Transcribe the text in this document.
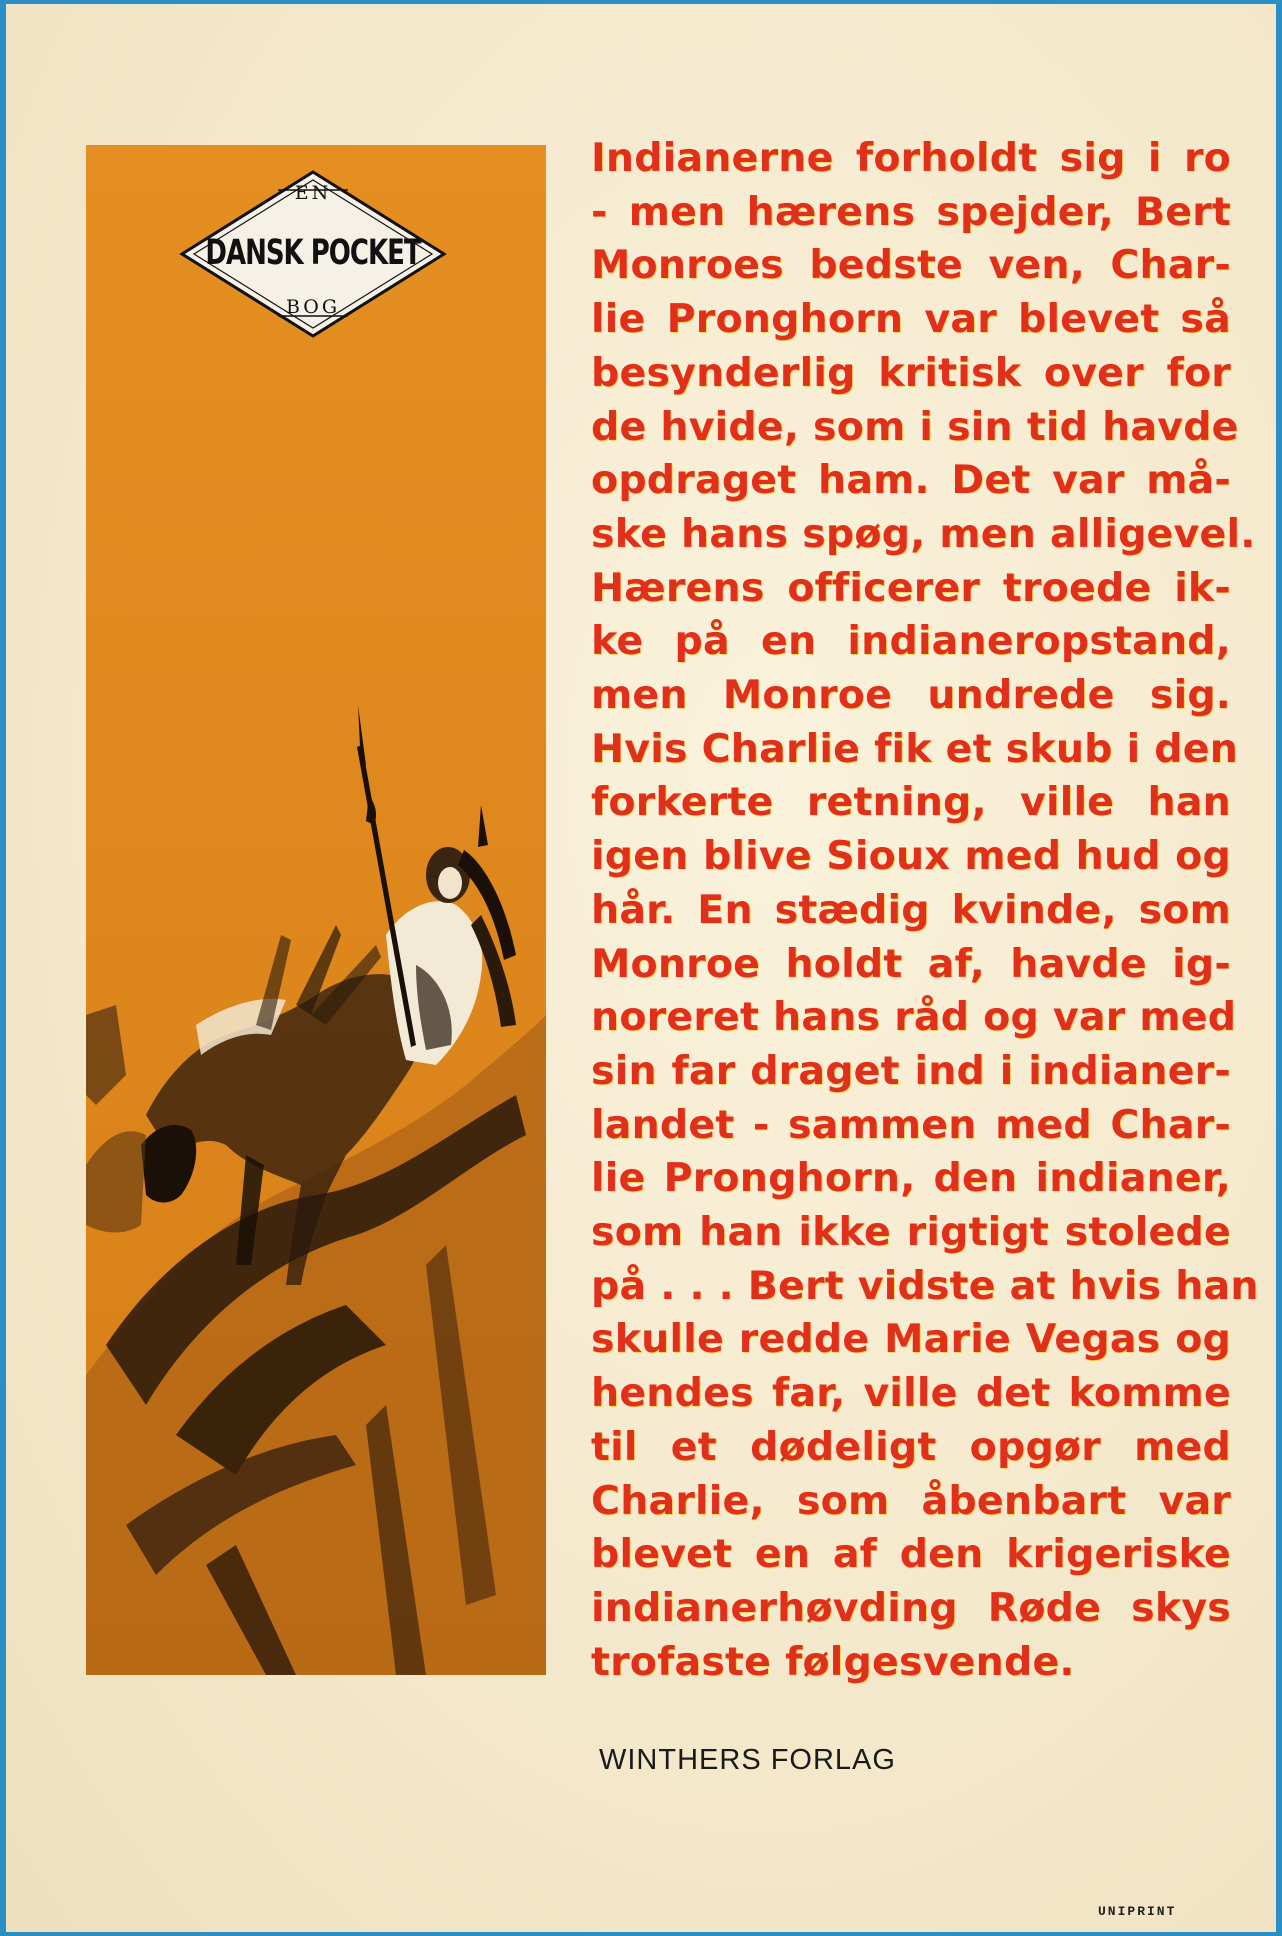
EN
DANSK POCKET
BOG
Indianerne forholdt sig i ro
- men hærens spejder, Bert
Monroes bedste ven, Char-
lie Pronghorn var blevet så
besynderlig kritisk over for
de hvide, som i sin tid havde
opdraget ham. Det var må-
ske hans spøg, men alligevel.
Hærens officerer troede ik-
ke på en indianeropstand,
men Monroe undrede sig.
Hvis Charlie fik et skub i den
forkerte retning, ville han
igen blive Sioux med hud og
hår. En stædig kvinde, som
Monroe holdt af, havde ig-
noreret hans råd og var med
sin far draget ind i indianer-
landet - sammen med Char-
lie Pronghorn, den indianer,
som han ikke rigtigt stolede
på . . . Bert vidste at hvis han
skulle redde Marie Vegas og
hendes far, ville det komme
til et dødeligt opgør med
Charlie, som åbenbart var
blevet en af den krigeriske
indianerhøvding Røde skys
trofaste følgesvende.
WINTHERS FORLAG
UNIPRINT
